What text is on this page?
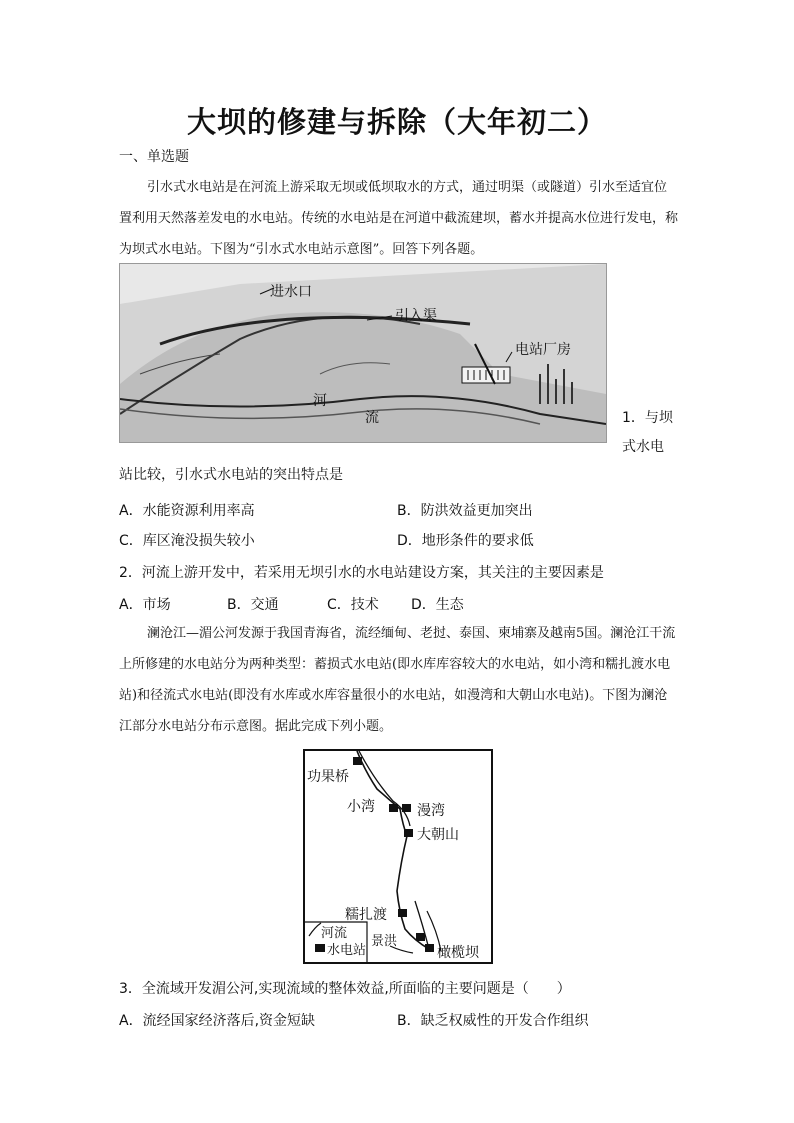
大坝的修建与拆除（大年初二）
一、单选题

引水式水电站是在河流上游采取无坝或低坝取水的方式，通过明渠（或隧道）引水至适宜位置利用天然落差发电的水电站。传统的水电站是在河道中截流建坝，蓄水并提高水位进行发电，称为坝式水电站。下图为“引水式水电站示意图”。回答下列各题。

进水口
引入渠
电站厂房
河
流	1．与坝式水电
站比较，引水式水电站的突出特点是
A．水能资源利用率高	B．防洪效益更加突出
C．库区淹没损失较小	D．地形条件的要求低
2．河流上游开发中，若采用无坝引水的水电站建设方案，其关注的主要因素是
A．市场	B．交通	C．技术 D．生态

澜沧江—湄公河发源于我国青海省，流经缅甸、老挝、泰国、柬埔寨及越南5国。澜沧江干流上所修建的水电站分为两种类型：蓄损式水电站(即水库库容较大的水电站，如小湾和糯扎渡水电站)和径流式水电站(即没有水库或水库容量很小的水电站，如漫湾和大朝山水电站)。下图为澜沧江部分水电站分布示意图。据此完成下列小题。

功果桥
小湾	漫湾
大朝山
糯扎渡
景洪
橄榄坝
河流
水电站
3．全流域开发湄公河,实现流域的整体效益,所面临的主要问题是（　　）
A．流经国家经济落后,资金短缺	B．缺乏权威性的开发合作组织
